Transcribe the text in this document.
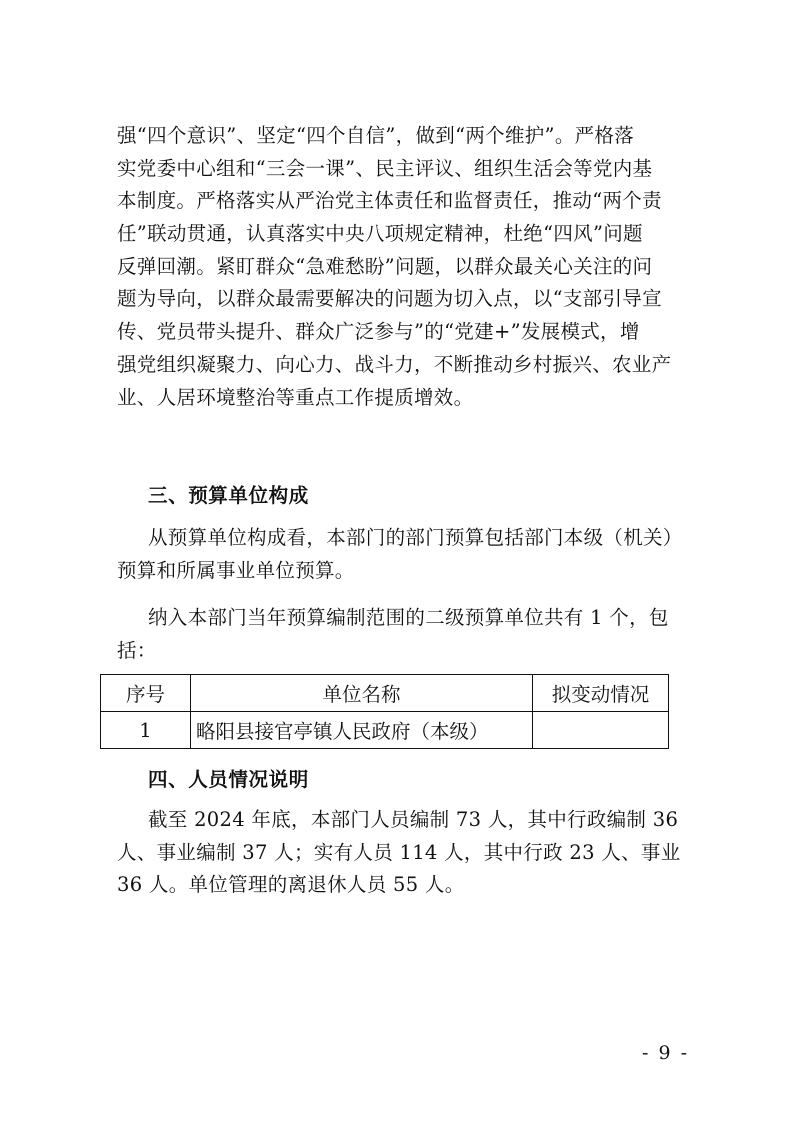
强“四个意识”、坚定“四个自信”，做到“两个维护”。严格落
实党委中心组和“三会一课”、民主评议、组织生活会等党内基
本制度。严格落实从严治党主体责任和监督责任，推动“两个责
任”联动贯通，认真落实中央八项规定精神，杜绝“四风”问题
反弹回潮。紧盯群众“急难愁盼”问题，以群众最关心关注的问
题为导向，以群众最需要解决的问题为切入点，以“支部引导宣
传、党员带头提升、群众广泛参与”的“党建+”发展模式，增
强党组织凝聚力、向心力、战斗力，不断推动乡村振兴、农业产
业、人居环境整治等重点工作提质增效。
三、预算单位构成
从预算单位构成看，本部门的部门预算包括部门本级（机关）
预算和所属事业单位预算。
纳入本部门当年预算编制范围的二级预算单位共有 1 个，包
括：
序号	单位名称	拟变动情况
1	略阳县接官亭镇人民政府（本级）	
四、人员情况说明
截至 2024 年底，本部门人员编制 73 人，其中行政编制 36
人、事业编制 37 人；实有人员 114 人，其中行政 23 人、事业
36 人。单位管理的离退休人员 55 人。
- 9 -
